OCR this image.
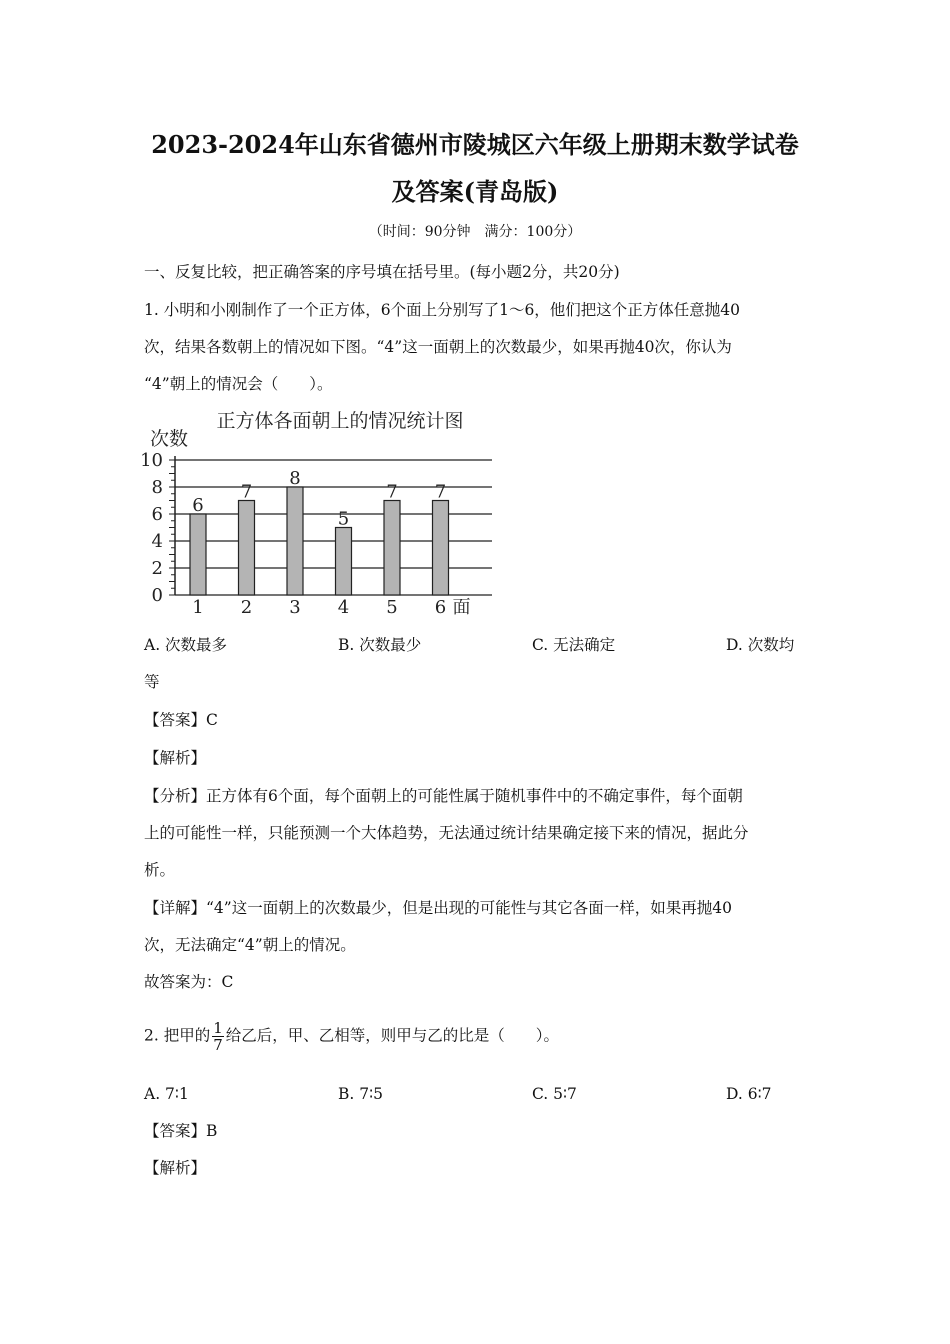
2023-2024年山东省德州市陵城区六年级上册期末数学试卷
及答案(青岛版)
（时间：90分钟　满分：100分）
一、反复比较，把正确答案的序号填在括号里。(每小题2分，共20分)
1. 小明和小刚制作了一个正方体，6个面上分别写了1～6，他们把这个正方体任意抛40
次，结果各数朝上的情况如下图。“4”这一面朝上的次数最少，如果再抛40次，你认为
“4”朝上的情况会（　　）。
正方体各面朝上的情况统计图
次数
0
2
4
6
8
10
6
1
7
2
8
3
5
4
7
5
7
6 面
A. 次数最多	B. 次数最少	C. 无法确定	D. 次数均
等
【答案】C
【解析】
【分析】正方体有6个面，每个面朝上的可能性属于随机事件中的不确定事件，每个面朝
上的可能性一样，只能预测一个大体趋势，无法通过统计结果确定接下来的情况，据此分
析。
【详解】“4”这一面朝上的次数最少，但是出现的可能性与其它各面一样，如果再抛40
次，无法确定“4”朝上的情况。
故答案为：C
2. 把甲的 $\frac{1}{7}$ 给乙后，甲、乙相等，则甲与乙的比是（　　）。
A. 7∶1	B. 7∶5	C. 5∶7	D. 6∶7
【答案】B
【解析】
